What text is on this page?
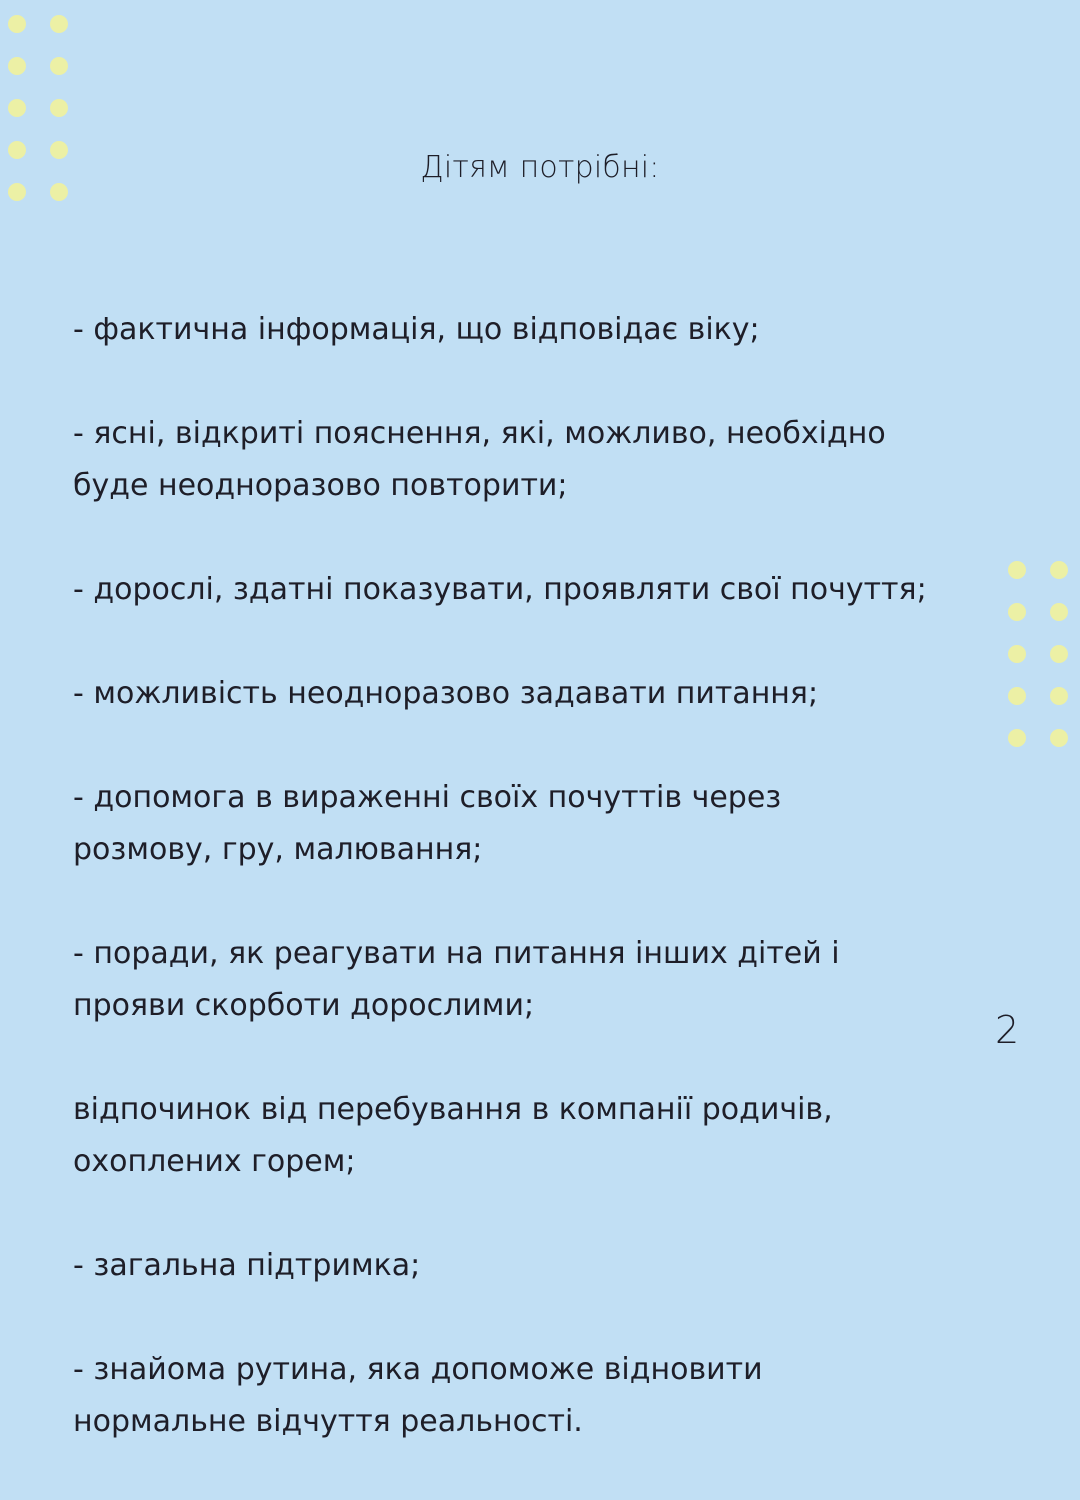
Дітям потрібні:

- фактична інформація, що відповідає віку;

- ясні, відкриті пояснення, які, можливо, необхідно
буде неодноразово повторити;

- дорослі, здатні показувати, проявляти свої почуття;

- можливість неодноразово задавати питання;

- допомога в вираженні своїх почуттів через
розмову, гру, малювання;

- поради, як реагувати на питання інших дітей і
прояви скорботи дорослими;

відпочинок від перебування в компанії родичів,
охоплених горем;

- загальна підтримка;

- знайома рутина, яка допоможе відновити
нормальне відчуття реальності.

2
